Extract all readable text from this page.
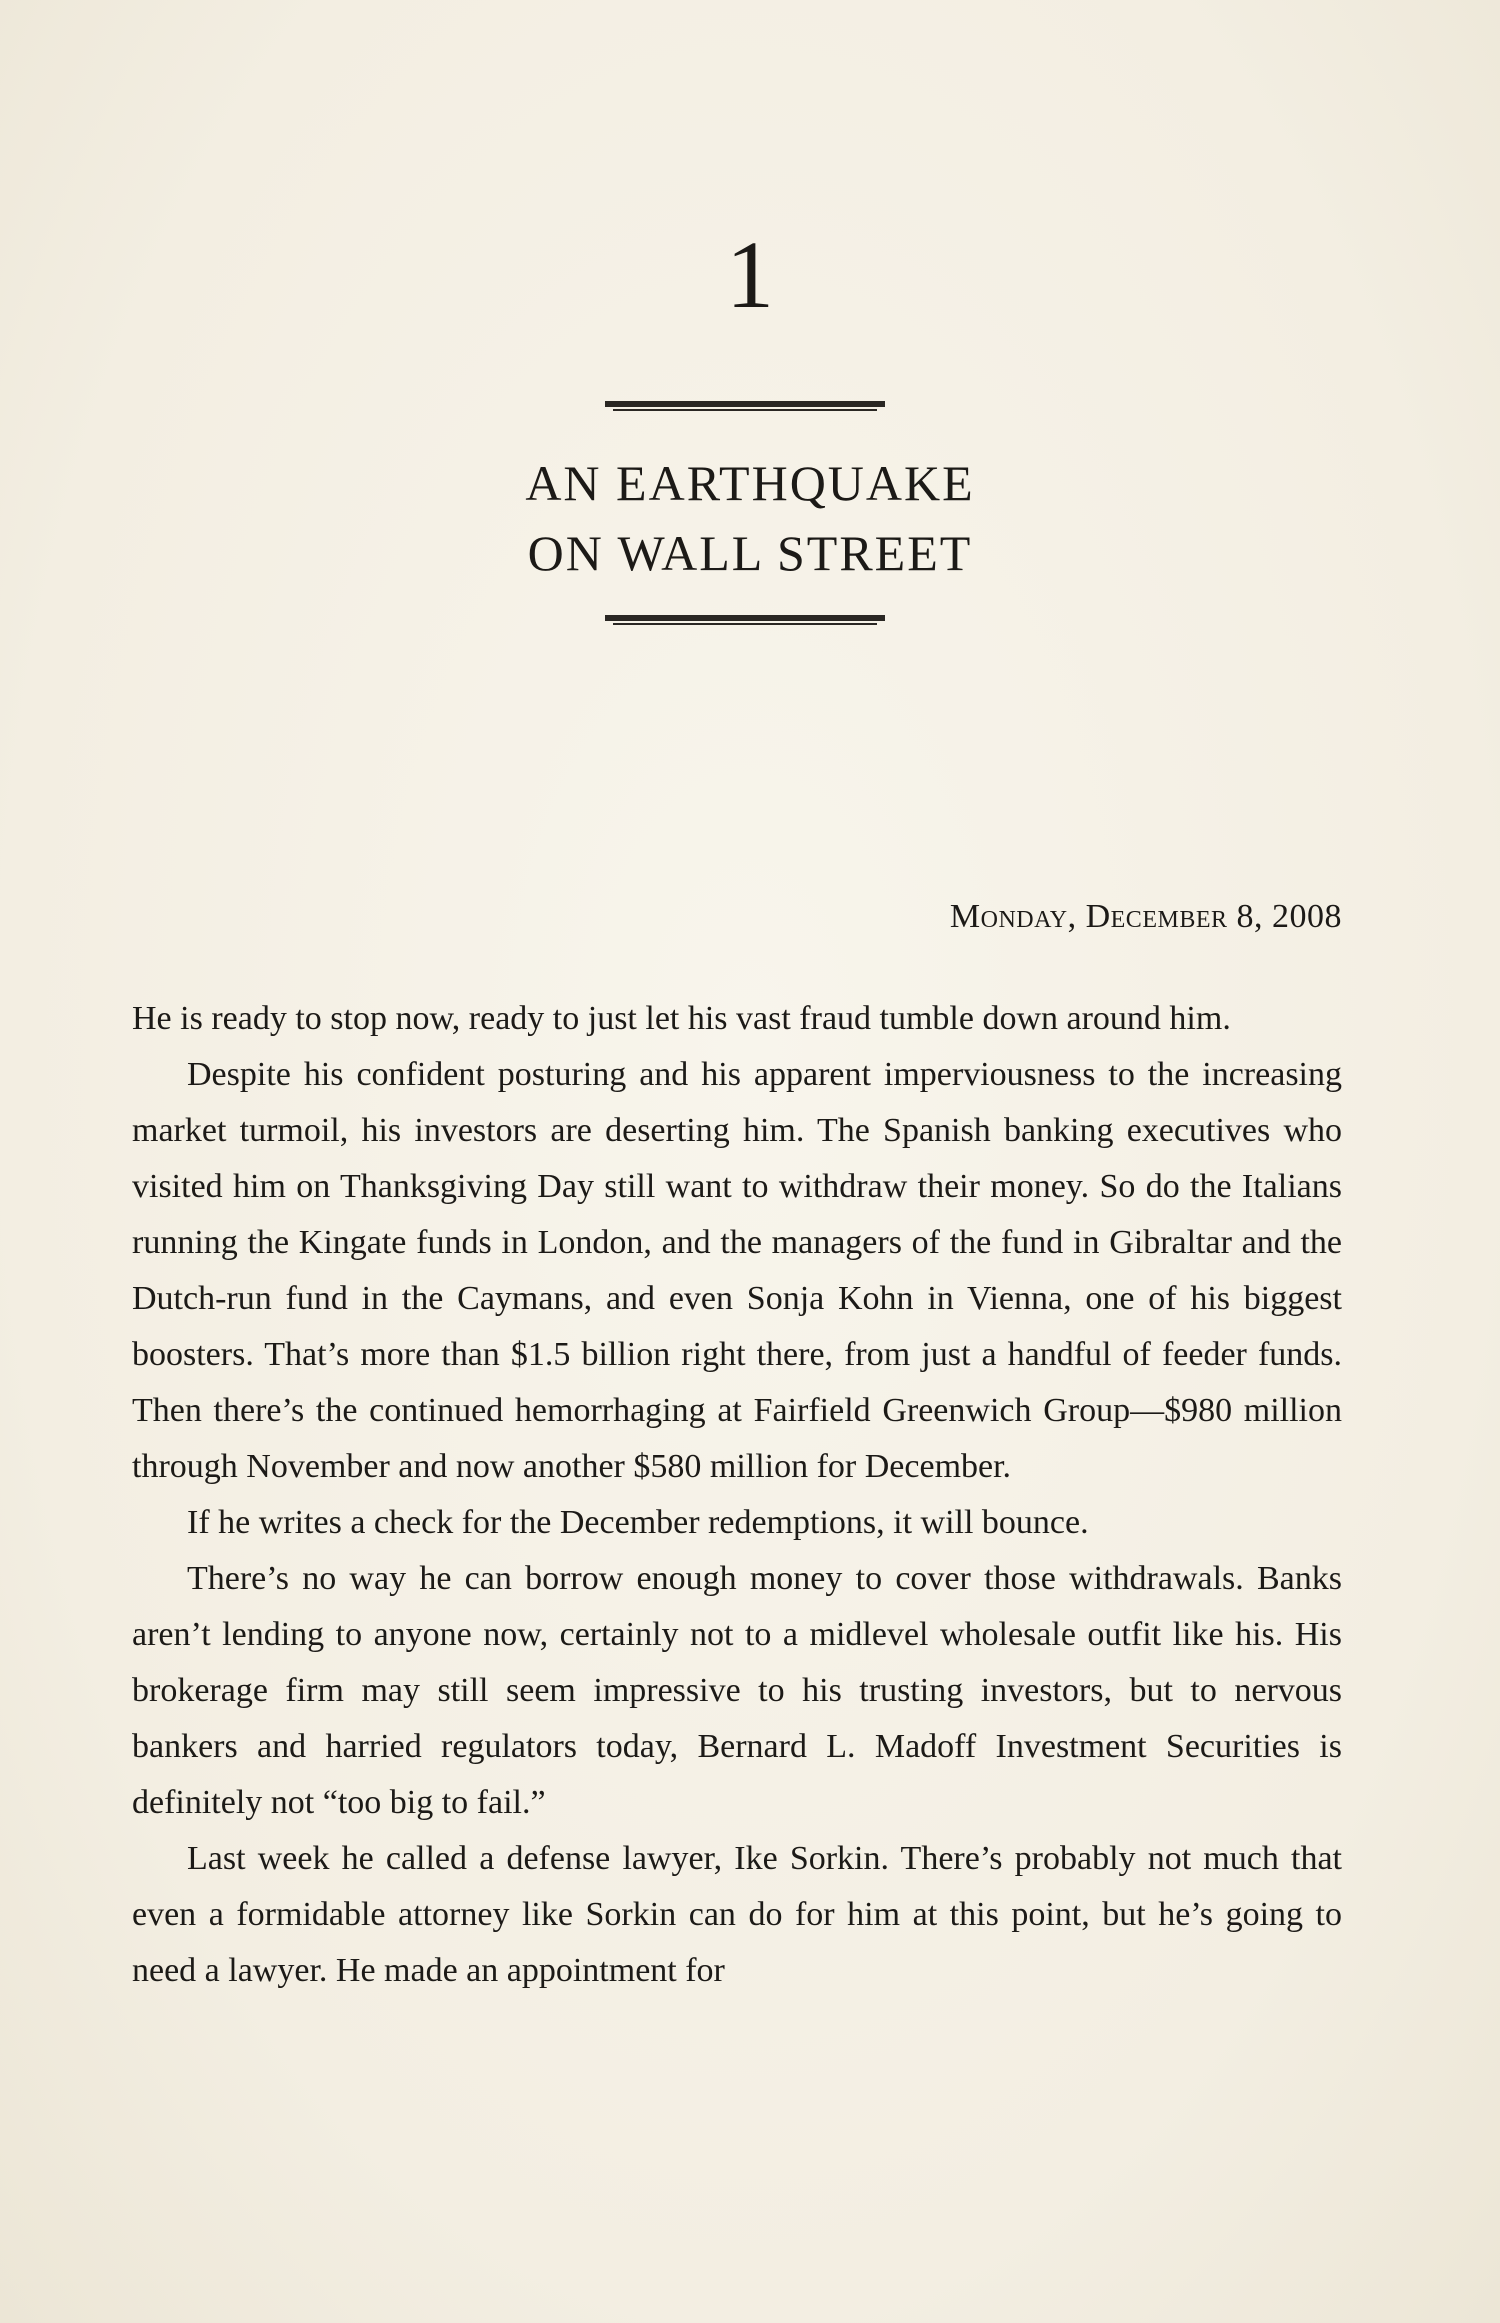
1
AN EARTHQUAKE
ON WALL STREET
Monday, December 8, 2008

He is ready to stop now, ready to just let his vast fraud tumble down around him.

Despite his confident posturing and his apparent imperviousness to the increasing market turmoil, his investors are deserting him. The Spanish banking executives who visited him on Thanksgiving Day still want to withdraw their money. So do the Italians running the Kingate funds in London, and the managers of the fund in Gibraltar and the Dutch-run fund in the Caymans, and even Sonja Kohn in Vienna, one of his biggest boosters. That’s more than $1.5 billion right there, from just a handful of feeder funds. Then there’s the continued hemorrhaging at Fairfield Greenwich Group—$980 million through November and now another $580 million for December.

If he writes a check for the December redemptions, it will bounce.

There’s no way he can borrow enough money to cover those withdrawals. Banks aren’t lending to anyone now, certainly not to a midlevel wholesale outfit like his. His brokerage firm may still seem impressive to his trusting investors, but to nervous bankers and harried regulators today, Bernard L. Madoff Investment Securities is definitely not “too big to fail.”

Last week he called a defense lawyer, Ike Sorkin. There’s probably not much that even a formidable attorney like Sorkin can do for him at this point, but he’s going to need a lawyer. He made an appointment for
